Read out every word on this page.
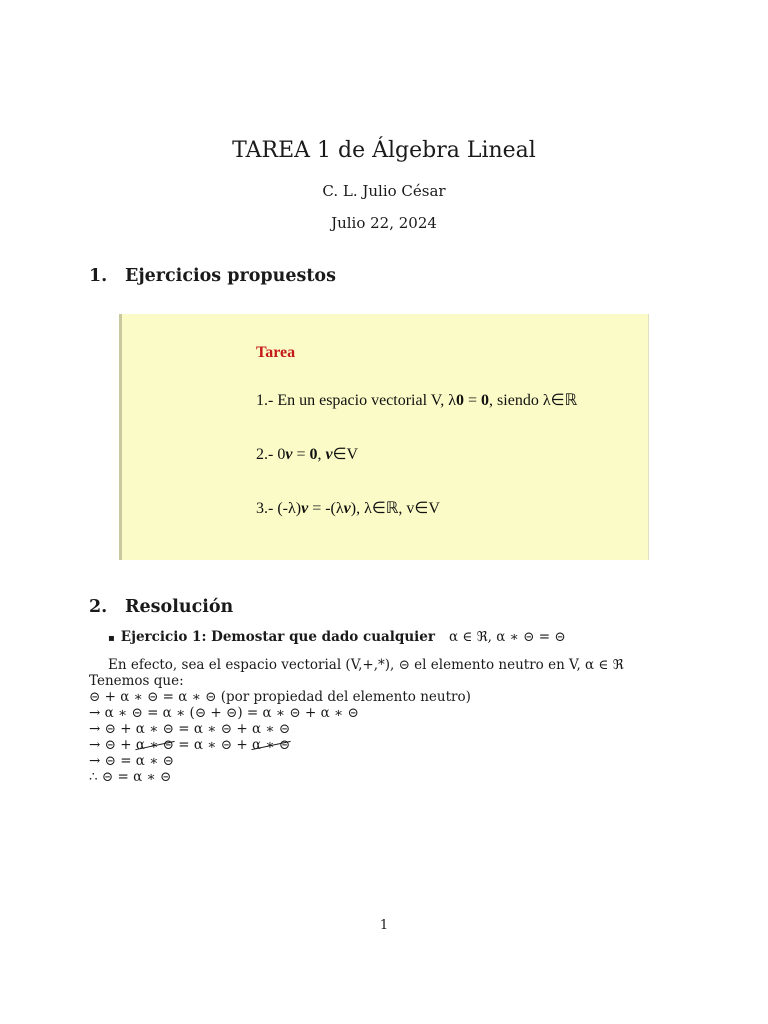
TAREA 1 de Álgebra Lineal
C. L. Julio César
Julio 22, 2024
1. Ejercicios propuestos
Tarea
1.- En un espacio vectorial V, λ0 = 0, siendo λ∈ℝ
2.- 0v = 0, v∈V
3.- (-λ)v = -(λv), λ∈ℝ, v∈V
2. Resolución
▪ Ejercicio 1: Demostar que dado cualquier α ∈ ℜ, α ∗ ⊝ = ⊝
En efecto, sea el espacio vectorial (V,+,*), ⊝ el elemento neutro en V, α ∈ ℜ
Tenemos que:
⊝ + α ∗ ⊝ = α ∗ ⊝ (por propiedad del elemento neutro)
→ α ∗ ⊝ = α ∗ (⊝ + ⊝) = α ∗ ⊝ + α ∗ ⊝
→ ⊝ + α ∗ ⊝ = α ∗ ⊝ + α ∗ ⊝
→ ⊝ + α ∗ ⊝ = α ∗ ⊝ + α ∗ ⊝
→ ⊝ = α ∗ ⊝
∴ ⊝ = α ∗ ⊝
1
